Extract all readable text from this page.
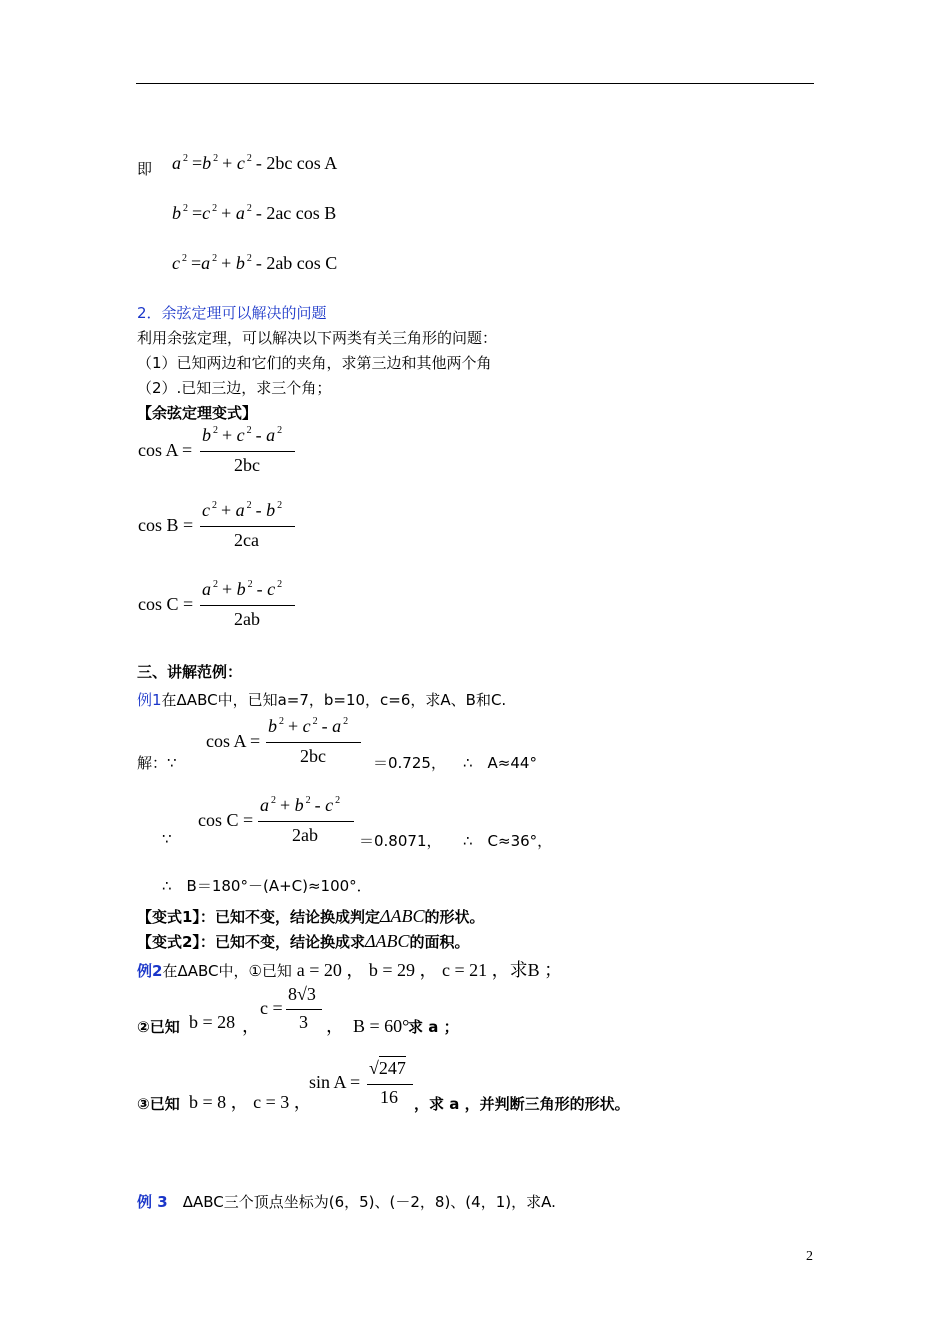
即 a $^2$ =b $^2$ + c $^2$ - 2bc cos A
b $^2$ =c $^2$ + a $^2$ - 2ac cos B
c $^2$ =a $^2$ + b $^2$ - 2ab cos C
2．余弦定理可以解决的问题
利用余弦定理，可以解决以下两类有关三角形的问题：
（1）已知两边和它们的夹角，求第三边和其他两个角
（2）.已知三边，求三个角；
【余弦定理变式】
cos A =
b $^2$ + c $^2$ - a $^2$
2bc
cos B =
c $^2$ + a $^2$ - b $^2$
2ca
cos C =
a $^2$ + b $^2$ - c $^2$
2ab
三、讲解范例：
例1在ΔABC中，已知a=7，b=10，c=6，求A、B和C.
解：∵
cos A =
b $^2$ + c $^2$ - a $^2$
2bc	＝0.725， ∴　A≈44°
∵
cos C =
a $^2$ + b $^2$ - c $^2$
2ab	＝0.8071， ∴　C≈36°，
∴　B＝180°－(A+C)≈100°．
【变式1】：已知不变，结论换成判定ΔABC的形状。
【变式2】：已知不变，结论换成求ΔABC的面积。
例2在ΔABC中，①已知 a = 20 ， b = 29 ， c = 21 ，求B ；
②已知 b = 28 ，
c =
8√3
3 ，　B = 60°
求 a ；
③已知 b = 8 ， c = 3 ，
sin A =
√247
16 ，求 a ，并判断三角形的形状。
例 3　 ΔABC三个顶点坐标为(6，5)、(－2，8)、(4，1)，求A.
2
